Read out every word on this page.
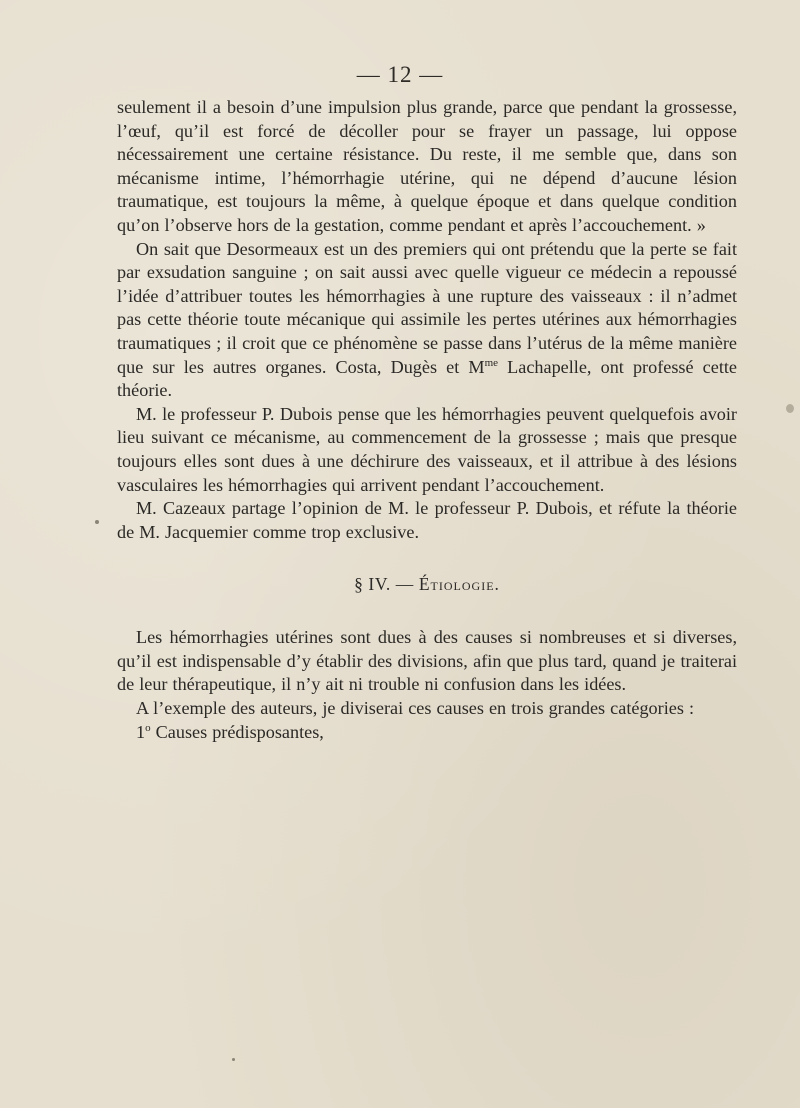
— 12 —

seulement il a besoin d’une impulsion plus grande, parce que pendant la grossesse, l’œuf, qu’il est forcé de décoller pour se frayer un passage, lui oppose nécessairement une certaine résistance. Du reste, il me semble que, dans son mécanisme intime, l’hémorrhagie utérine, qui ne dépend d’aucune lésion traumatique, est toujours la même, à quelque époque et dans quelque condition qu’on l’observe hors de la gestation, comme pendant et après l’accouchement. »

On sait que Desormeaux est un des premiers qui ont prétendu que la perte se fait par exsudation sanguine ; on sait aussi avec quelle vigueur ce médecin a repoussé l’idée d’attribuer toutes les hémorrhagies à une rupture des vaisseaux : il n’admet pas cette théorie toute mécanique qui assimile les pertes utérines aux hémorrhagies traumatiques ; il croit que ce phénomène se passe dans l’utérus de la même manière que sur les autres organes. Costa, Dugès et $M^{me}$ Lachapelle, ont professé cette théorie.

M. le professeur P. Dubois pense que les hémorrhagies peuvent quelquefois avoir lieu suivant ce mécanisme, au commencement de la grossesse ; mais que presque toujours elles sont dues à une déchirure des vaisseaux, et il attribue à des lésions vasculaires les hémorrhagies qui arrivent pendant l’accouchement.

M. Cazeaux partage l’opinion de M. le professeur P. Dubois, et réfute la théorie de M. Jacquemier comme trop exclusive.

§ IV. — Étiologie.

Les hémorrhagies utérines sont dues à des causes si nombreuses et si diverses, qu’il est indispensable d’y établir des divisions, afin que plus tard, quand je traiterai de leur thérapeutique, il n’y ait ni trouble ni confusion dans les idées.

A l’exemple des auteurs, je diviserai ces causes en trois grandes catégories :

1$^o$ Causes prédisposantes,
